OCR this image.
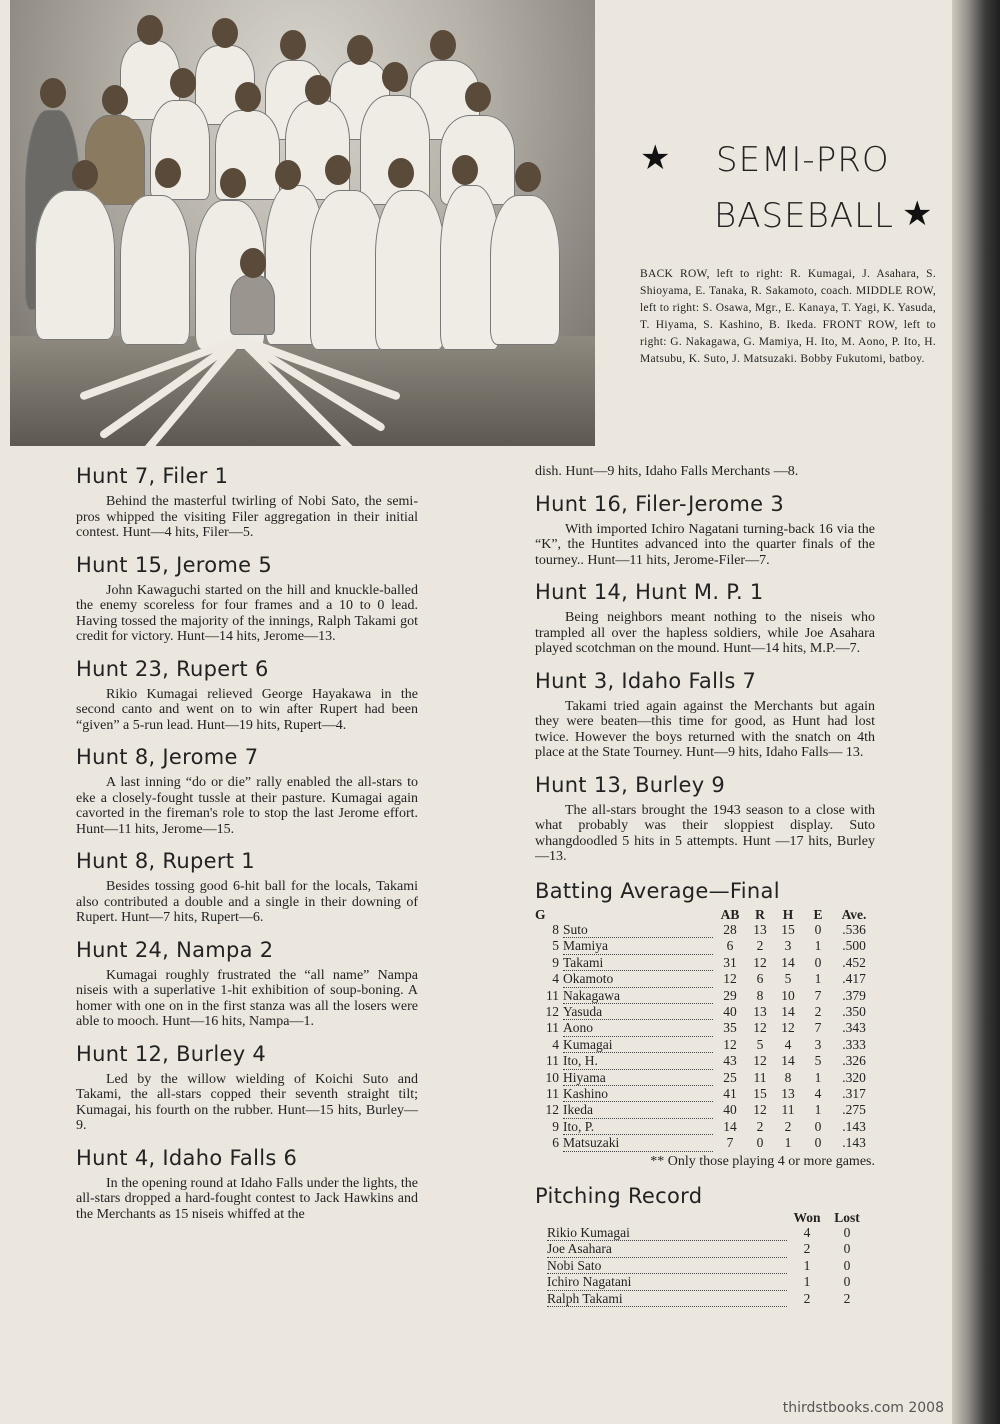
★ SEMI-PRO
BASEBALL ★
BACK ROW, left to right: R. Kumagai, J. Asahara, S. Shioyama, E. Tanaka, R. Sakamoto, coach. MIDDLE ROW, left to right: S. Osawa, Mgr., E. Kanaya, T. Yagi, K. Yasuda, T. Hiyama, S. Kashino, B. Ikeda. FRONT ROW, left to right: G. Nakagawa, G. Mamiya, H. Ito, M. Aono, P. Ito, H. Matsubu, K. Suto, J. Matsuzaki. Bobby Fukutomi, batboy.
Hunt 7, Filer 1

Behind the masterful twirling of Nobi Sato, the semi-pros whipped the visiting Filer aggregation in their initial contest. Hunt—4 hits, Filer—5.

Hunt 15, Jerome 5

John Kawaguchi started on the hill and knuckle-balled the enemy scoreless for four frames and a 10 to 0 lead. Having tossed the majority of the innings, Ralph Takami got credit for victory. Hunt—14 hits, Jerome—13.

Hunt 23, Rupert 6

Rikio Kumagai relieved George Hayakawa in the second canto and went on to win after Rupert had been “given” a 5-run lead. Hunt—19 hits, Rupert—4.

Hunt 8, Jerome 7

A last inning “do or die” rally enabled the all-stars to eke a closely-fought tussle at their pasture. Kumagai again cavorted in the fireman's role to stop the last Jerome effort. Hunt—11 hits, Jerome—15.

Hunt 8, Rupert 1

Besides tossing good 6-hit ball for the locals, Takami also contributed a double and a single in their downing of Rupert. Hunt—7 hits, Rupert—6.

Hunt 24, Nampa 2

Kumagai roughly frustrated the “all name” Nampa niseis with a superlative 1-hit exhibition of soup-boning. A homer with one on in the first stanza was all the losers were able to mooch. Hunt—16 hits, Nampa—1.

Hunt 12, Burley 4

Led by the willow wielding of Koichi Suto and Takami, the all-stars copped their seventh straight tilt; Kumagai, his fourth on the rubber. Hunt—15 hits, Burley—9.

Hunt 4, Idaho Falls 6

In the opening round at Idaho Falls under the lights, the all-stars dropped a hard-fought contest to Jack Hawkins and the Merchants as 15 niseis whiffed at the

dish. Hunt—9 hits, Idaho Falls Merchants —8.

Hunt 16, Filer-Jerome 3

With imported Ichiro Nagatani turning-back 16 via the “K”, the Huntites advanced into the quarter finals of the tourney.. Hunt—11 hits, Jerome-Filer—7.

Hunt 14, Hunt M. P. 1

Being neighbors meant nothing to the niseis who trampled all over the hapless soldiers, while Joe Asahara played scotchman on the mound. Hunt—14 hits, M.P.—7.

Hunt 3, Idaho Falls 7

Takami tried again against the Merchants but again they were beaten—this time for good, as Hunt had lost twice. However the boys returned with the snatch on 4th place at the State Tourney. Hunt—9 hits, Idaho Falls— 13.

Hunt 13, Burley 9

The all-stars brought the 1943 season to a close with what probably was their sloppiest display. Suto whangdoodled 5 hits in 5 attempts. Hunt —17 hits, Burley —13.

Batting Average—Final
G		AB	R	H	E	Ave.
8	Suto	28	13	15	0	.536
5	Mamiya	6	2	3	1	.500
9	Takami	31	12	14	0	.452
4	Okamoto	12	6	5	1	.417
11	Nakagawa	29	8	10	7	.379
12	Yasuda	40	13	14	2	.350
11	Aono	35	12	12	7	.343
4	Kumagai	12	5	4	3	.333
11	Ito, H.	43	12	14	5	.326
10	Hiyama	25	11	8	1	.320
11	Kashino	41	15	13	4	.317
12	Ikeda	40	12	11	1	.275
9	Ito, P.	14	2	2	0	.143
6	Matsuzaki	7	0	1	0	.143
** Only those playing 4 or more games.
Pitching Record
	Won	Lost
Rikio Kumagai	4	0
Joe Asahara	2	0
Nobi Sato	1	0
Ichiro Nagatani	1	0
Ralph Takami	2	2
thirdstbooks.com 2008
